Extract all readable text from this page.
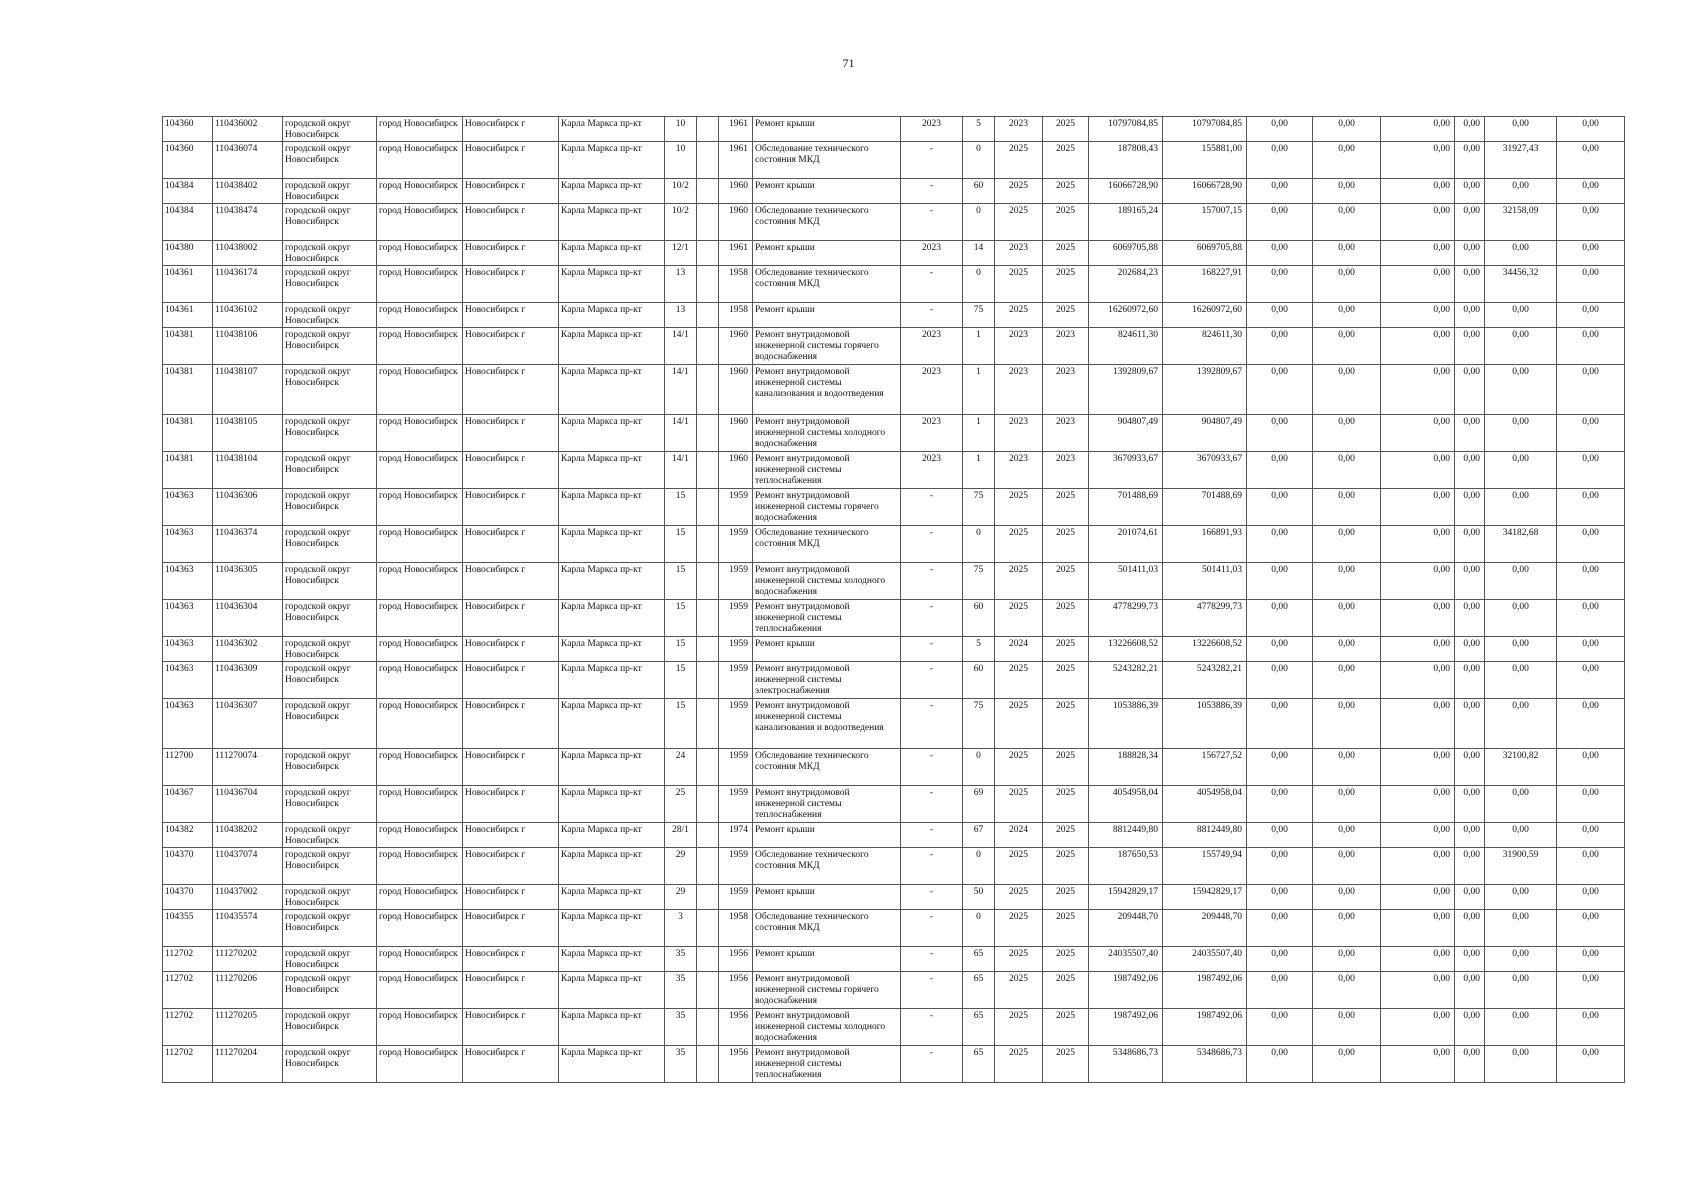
71
104360	110436002	городской округ Новосибирск	город Новосибирск	Новосибирск г	Карла Маркса пр-кт	10		1961	Ремонт крыши	2023	5	2023	2025	10797084,85	10797084,85	0,00	0,00	0,00	0,00	0,00	0,00
104360	110436074	городской округ Новосибирск	город Новосибирск	Новосибирск г	Карла Маркса пр-кт	10		1961	Обследование технического состояния МКД	-	0	2025	2025	187808,43	155881,00	0,00	0,00	0,00	0,00	31927,43	0,00
104384	110438402	городской округ Новосибирск	город Новосибирск	Новосибирск г	Карла Маркса пр-кт	10/2		1960	Ремонт крыши	-	60	2025	2025	16066728,90	16066728,90	0,00	0,00	0,00	0,00	0,00	0,00
104384	110438474	городской округ Новосибирск	город Новосибирск	Новосибирск г	Карла Маркса пр-кт	10/2		1960	Обследование технического состояния МКД	-	0	2025	2025	189165,24	157007,15	0,00	0,00	0,00	0,00	32158,09	0,00
104380	110438002	городской округ Новосибирск	город Новосибирск	Новосибирск г	Карла Маркса пр-кт	12/1		1961	Ремонт крыши	2023	14	2023	2025	6069705,88	6069705,88	0,00	0,00	0,00	0,00	0,00	0,00
104361	110436174	городской округ Новосибирск	город Новосибирск	Новосибирск г	Карла Маркса пр-кт	13		1958	Обследование технического состояния МКД	-	0	2025	2025	202684,23	168227,91	0,00	0,00	0,00	0,00	34456,32	0,00
104361	110436102	городской округ Новосибирск	город Новосибирск	Новосибирск г	Карла Маркса пр-кт	13		1958	Ремонт крыши	-	75	2025	2025	16260972,60	16260972,60	0,00	0,00	0,00	0,00	0,00	0,00
104381	110438106	городской округ Новосибирск	город Новосибирск	Новосибирск г	Карла Маркса пр-кт	14/1		1960	Ремонт внутридомовой инженерной системы горячего водоснабжения	2023	1	2023	2023	824611,30	824611,30	0,00	0,00	0,00	0,00	0,00	0,00
104381	110438107	городской округ Новосибирск	город Новосибирск	Новосибирск г	Карла Маркса пр-кт	14/1		1960	Ремонт внутридомовой инженерной системы канализования и водоотведения	2023	1	2023	2023	1392809,67	1392809,67	0,00	0,00	0,00	0,00	0,00	0,00
104381	110438105	городской округ Новосибирск	город Новосибирск	Новосибирск г	Карла Маркса пр-кт	14/1		1960	Ремонт внутридомовой инженерной системы холодного водоснабжения	2023	1	2023	2023	904807,49	904807,49	0,00	0,00	0,00	0,00	0,00	0,00
104381	110438104	городской округ Новосибирск	город Новосибирск	Новосибирск г	Карла Маркса пр-кт	14/1		1960	Ремонт внутридомовой инженерной системы теплоснабжения	2023	1	2023	2023	3670933,67	3670933,67	0,00	0,00	0,00	0,00	0,00	0,00
104363	110436306	городской округ Новосибирск	город Новосибирск	Новосибирск г	Карла Маркса пр-кт	15		1959	Ремонт внутридомовой инженерной системы горячего водоснабжения	-	75	2025	2025	701488,69	701488,69	0,00	0,00	0,00	0,00	0,00	0,00
104363	110436374	городской округ Новосибирск	город Новосибирск	Новосибирск г	Карла Маркса пр-кт	15		1959	Обследование технического состояния МКД	-	0	2025	2025	201074,61	166891,93	0,00	0,00	0,00	0,00	34182,68	0,00
104363	110436305	городской округ Новосибирск	город Новосибирск	Новосибирск г	Карла Маркса пр-кт	15		1959	Ремонт внутридомовой инженерной системы холодного водоснабжения	-	75	2025	2025	501411,03	501411,03	0,00	0,00	0,00	0,00	0,00	0,00
104363	110436304	городской округ Новосибирск	город Новосибирск	Новосибирск г	Карла Маркса пр-кт	15		1959	Ремонт внутридомовой инженерной системы теплоснабжения	-	60	2025	2025	4778299,73	4778299,73	0,00	0,00	0,00	0,00	0,00	0,00
104363	110436302	городской округ Новосибирск	город Новосибирск	Новосибирск г	Карла Маркса пр-кт	15		1959	Ремонт крыши	-	5	2024	2025	13226608,52	13226608,52	0,00	0,00	0,00	0,00	0,00	0,00
104363	110436309	городской округ Новосибирск	город Новосибирск	Новосибирск г	Карла Маркса пр-кт	15		1959	Ремонт внутридомовой инженерной системы электроснабжения	-	60	2025	2025	5243282,21	5243282,21	0,00	0,00	0,00	0,00	0,00	0,00
104363	110436307	городской округ Новосибирск	город Новосибирск	Новосибирск г	Карла Маркса пр-кт	15		1959	Ремонт внутридомовой инженерной системы канализования и водоотведения	-	75	2025	2025	1053886,39	1053886,39	0,00	0,00	0,00	0,00	0,00	0,00
112700	111270074	городской округ Новосибирск	город Новосибирск	Новосибирск г	Карла Маркса пр-кт	24		1959	Обследование технического состояния МКД	-	0	2025	2025	188828,34	156727,52	0,00	0,00	0,00	0,00	32100,82	0,00
104367	110436704	городской округ Новосибирск	город Новосибирск	Новосибирск г	Карла Маркса пр-кт	25		1959	Ремонт внутридомовой инженерной системы теплоснабжения	-	69	2025	2025	4054958,04	4054958,04	0,00	0,00	0,00	0,00	0,00	0,00
104382	110438202	городской округ Новосибирск	город Новосибирск	Новосибирск г	Карла Маркса пр-кт	28/1		1974	Ремонт крыши	-	67	2024	2025	8812449,80	8812449,80	0,00	0,00	0,00	0,00	0,00	0,00
104370	110437074	городской округ Новосибирск	город Новосибирск	Новосибирск г	Карла Маркса пр-кт	29		1959	Обследование технического состояния МКД	-	0	2025	2025	187650,53	155749,94	0,00	0,00	0,00	0,00	31900,59	0,00
104370	110437002	городской округ Новосибирск	город Новосибирск	Новосибирск г	Карла Маркса пр-кт	29		1959	Ремонт крыши	-	50	2025	2025	15942829,17	15942829,17	0,00	0,00	0,00	0,00	0,00	0,00
104355	110435574	городской округ Новосибирск	город Новосибирск	Новосибирск г	Карла Маркса пр-кт	3		1958	Обследование технического состояния МКД	-	0	2025	2025	209448,70	209448,70	0,00	0,00	0,00	0,00	0,00	0,00
112702	111270202	городской округ Новосибирск	город Новосибирск	Новосибирск г	Карла Маркса пр-кт	35		1956	Ремонт крыши	-	65	2025	2025	24035507,40	24035507,40	0,00	0,00	0,00	0,00	0,00	0,00
112702	111270206	городской округ Новосибирск	город Новосибирск	Новосибирск г	Карла Маркса пр-кт	35		1956	Ремонт внутридомовой инженерной системы горячего водоснабжения	-	65	2025	2025	1987492,06	1987492,06	0,00	0,00	0,00	0,00	0,00	0,00
112702	111270205	городской округ Новосибирск	город Новосибирск	Новосибирск г	Карла Маркса пр-кт	35		1956	Ремонт внутридомовой инженерной системы холодного водоснабжения	-	65	2025	2025	1987492,06	1987492,06	0,00	0,00	0,00	0,00	0,00	0,00
112702	111270204	городской округ Новосибирск	город Новосибирск	Новосибирск г	Карла Маркса пр-кт	35		1956	Ремонт внутридомовой инженерной системы теплоснабжения	-	65	2025	2025	5348686,73	5348686,73	0,00	0,00	0,00	0,00	0,00	0,00
